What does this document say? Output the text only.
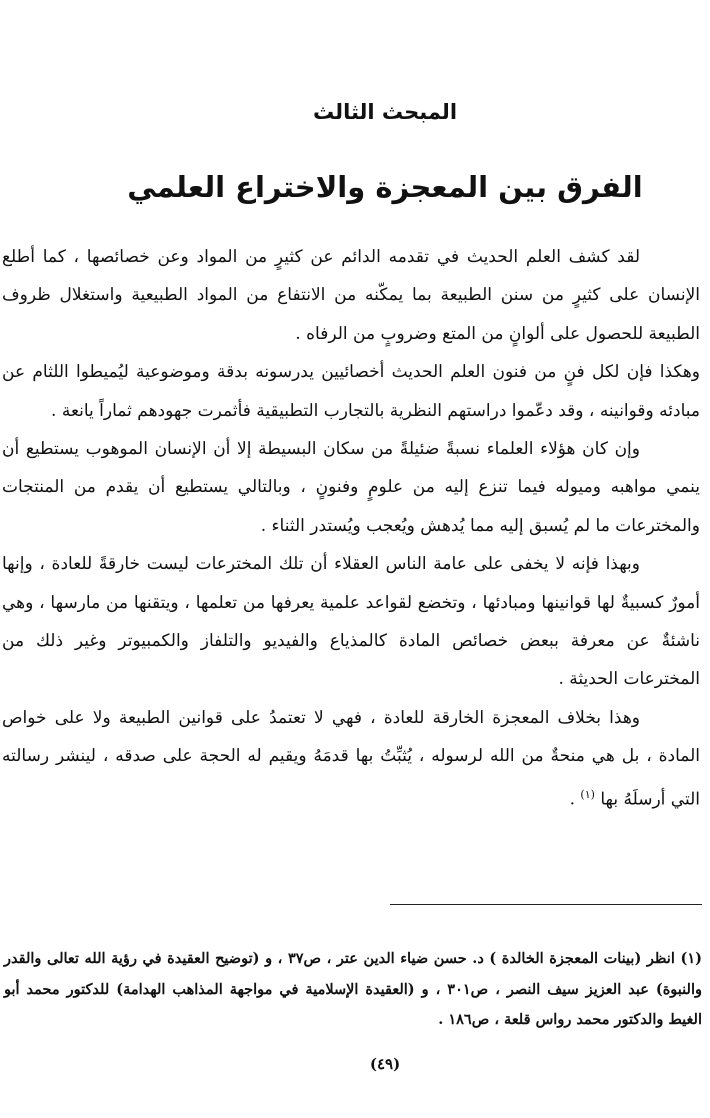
المبحث الثالث
الفرق بين المعجزة والاختراع العلمي

لقد كشف العلم الحديث في تقدمه الدائم عن كثيرٍ من المواد وعن خصائصها ، كما أطلع الإنسان على كثيرٍ من سنن الطبيعة بما يمكّنه من الانتفاع من المواد الطبيعية واستغلال ظروف الطبيعة للحصول على ألوانٍ من المتع وضروبٍ من الرفاه .

وهكذا فإن لكل فنٍ من فنون العلم الحديث أخصائيين يدرسونه بدقة وموضوعية ليُميطوا اللثام عن مبادئه وقوانينه ، وقد دعّموا دراستهم النظرية بالتجارب التطبيقية فأثمرت جهودهم ثماراً يانعة .

وإن كان هؤلاء العلماء نسبةً ضئيلةً من سكان البسيطة إلا أن الإنسان الموهوب يستطيع أن ينمي مواهبه وميوله فيما تنزع إليه من علومٍ وفنونٍ ، وبالتالي يستطيع أن يقدم من المنتجات والمخترعات ما لم يُسبق إليه مما يُدهش ويُعجب ويُستدر الثناء .

وبهذا فإنه لا يخفى على عامة الناس العقلاء أن تلك المخترعات ليست خارقةً للعادة ، وإنها أمورٌ كسبيةٌ لها قوانينها ومبادئها ، وتخضع لقواعد علمية يعرفها من تعلمها ، ويتقنها من مارسها ، وهي ناشئةٌ عن معرفة ببعض خصائص المادة كالمذياع والفيديو والتلفاز والكمبيوتر وغير ذلك من المخترعات الحديثة .

وهذا بخلاف المعجزة الخارقة للعادة ، فهي لا تعتمدُ على قوانين الطبيعة ولا على خواص المادة ، بل هي منحةٌ من الله لرسوله ، يُثبِّتُ بها قدمَهُ ويقيم له الحجة على صدقه ، لينشر رسالته التي أرسلَهُ بها $^{(١)}$ .

(١) انظر (بينات المعجزة الخالدة ) د. حسن ضياء الدين عتر ، ص٣٧ ، و (توضيح العقيدة في رؤية الله تعالى والقدر والنبوة) عبد العزيز سيف النصر ، ص٣٠١ ، و (العقيدة الإسلامية في مواجهة المذاهب الهدامة) للدكتور محمد أبو الغيط والدكتور محمد رواس قلعة ، ص١٨٦ .

(٤٩)
